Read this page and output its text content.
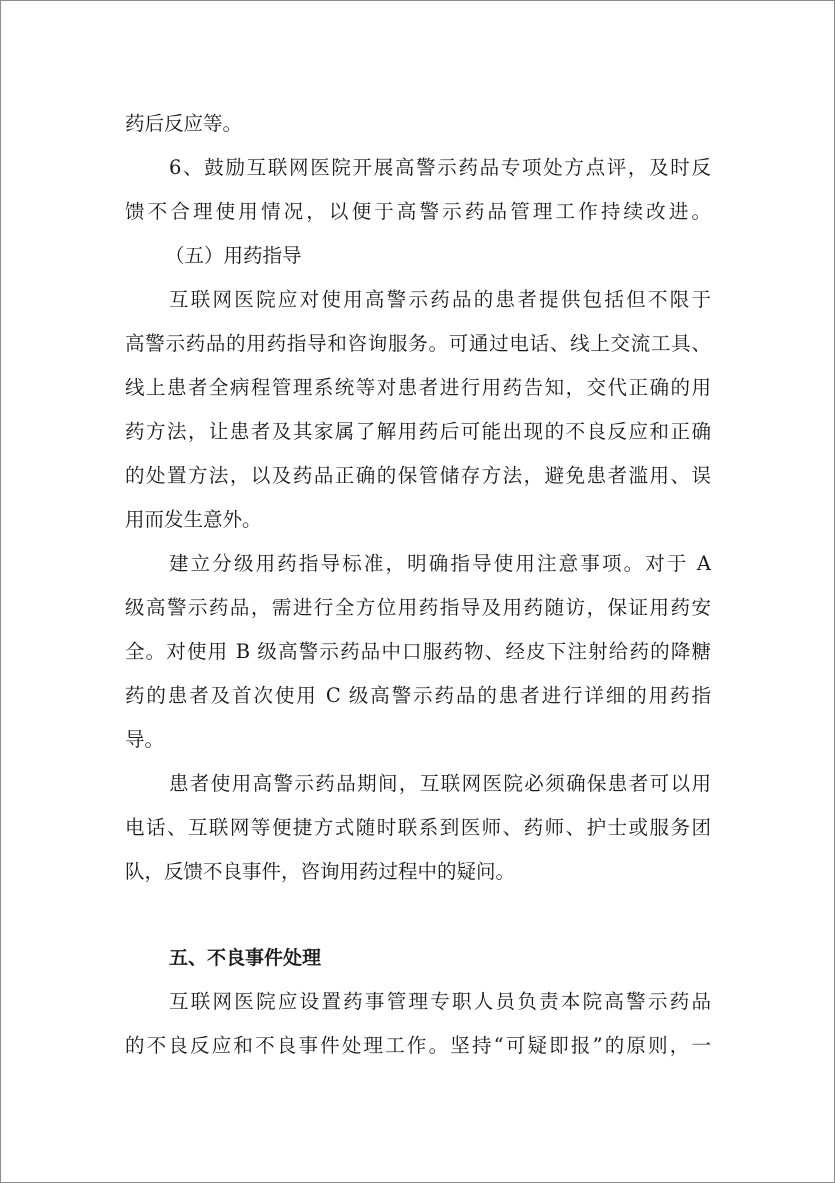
药后反应等。
6、鼓励互联网医院开展高警示药品专项处方点评，及时反
馈不合理使用情况，以便于高警示药品管理工作持续改进。
（五）用药指导
互联网医院应对使用高警示药品的患者提供包括但不限于
高警示药品的用药指导和咨询服务。可通过电话、线上交流工具、
线上患者全病程管理系统等对患者进行用药告知，交代正确的用
药方法，让患者及其家属了解用药后可能出现的不良反应和正确
的处置方法，以及药品正确的保管储存方法，避免患者滥用、误
用而发生意外。
建立分级用药指导标准，明确指导使用注意事项。对于 A
级高警示药品，需进行全方位用药指导及用药随访，保证用药安
全。对使用 B 级高警示药品中口服药物、经皮下注射给药的降糖
药的患者及首次使用 C 级高警示药品的患者进行详细的用药指
导。
患者使用高警示药品期间，互联网医院必须确保患者可以用
电话、互联网等便捷方式随时联系到医师、药师、护士或服务团
队，反馈不良事件，咨询用药过程中的疑问。
五、不良事件处理
互联网医院应设置药事管理专职人员负责本院高警示药品
的不良反应和不良事件处理工作。坚持“可疑即报”的原则，一
